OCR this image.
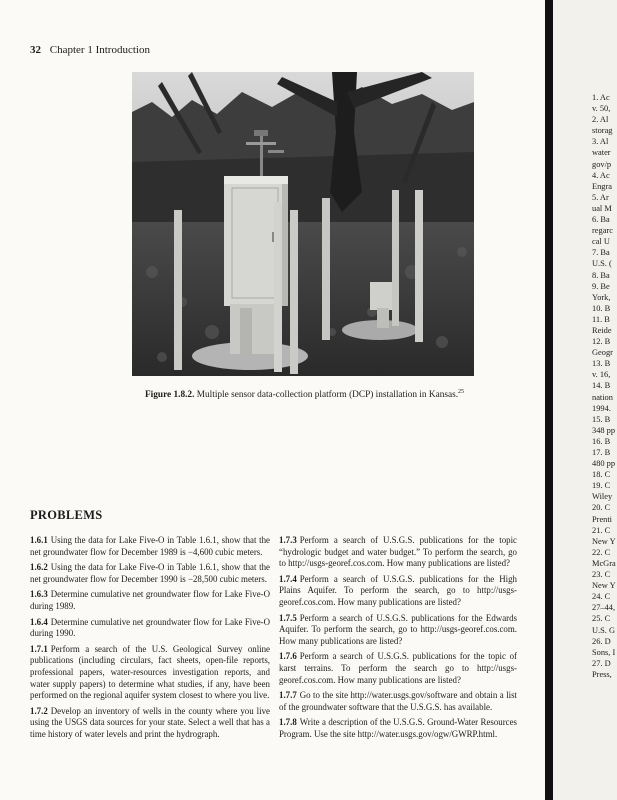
32 Chapter 1 Introduction
Figure 1.8.2. Multiple sensor data-collection platform (DCP) installation in Kansas.$^{25}$
PROBLEMS

1.6.1 Using the data for Lake Five-O in Table 1.6.1, show that the net groundwater flow for December 1989 is −4,600 cubic meters.

1.6.2 Using the data for Lake Five-O in Table 1.6.1, show that the net groundwater flow for December 1990 is −28,500 cubic meters.

1.6.3 Determine cumulative net groundwater flow for Lake Five-O during 1989.

1.6.4 Determine cumulative net groundwater flow for Lake Five-O during 1990.

1.7.1 Perform a search of the U.S. Geological Survey online publications (including circulars, fact sheets, open-file reports, professional papers, water-resources investigation reports, and water supply papers) to determine what studies, if any, have been performed on the regional aquifer system closest to where you live.

1.7.2 Develop an inventory of wells in the county where you live using the USGS data sources for your state. Select a well that has a time history of water levels and print the hydrograph.

1.7.3 Perform a search of U.S.G.S. publications for the topic “hydrologic budget and water budget.” To perform the search, go to http://usgs-georef.cos.com. How many publications are listed?

1.7.4 Perform a search of U.S.G.S. publications for the High Plains Aquifer. To perform the search, go to http://usgs-georef.cos.com. How many publications are listed?

1.7.5 Perform a search of U.S.G.S. publications for the Edwards Aquifer. To perform the search, go to http://usgs-georef.cos.com. How many publications are listed?

1.7.6 Perform a search of U.S.G.S. publications for the topic of karst terrains. To perform the search go to http://usgs-georef.cos.com. How many publications are listed?

1.7.7 Go to the site http://water.usgs.gov/software and obtain a list of the groundwater software that the U.S.G.S. has available.

1.7.8 Write a description of the U.S.G.S. Ground-Water Resources Program. Use the site http://water.usgs.gov/ogw/GWRP.html.

1. Ac
v. 50,
2. Al
storag
3. Al
water
gov/p
4. Ac
Engra
5. Ar
ual M
6. Ba
regarc
cal U
7. Ba
U.S. (
8. Ba
9. Be
York,
10. B
11. B
Reide
12. B
Geogr
13. B
v. 16,
14. B
nation
1994.
15. B
348 pp
16. B
17. B
480 pp
18. C
19. C
Wiley
20. C
Prenti
21. C
New Y
22. C
McGra
23. C
New Y
24. C
27–44,
25. C
U.S. G
26. D
Sons, I
27. D
Press,
